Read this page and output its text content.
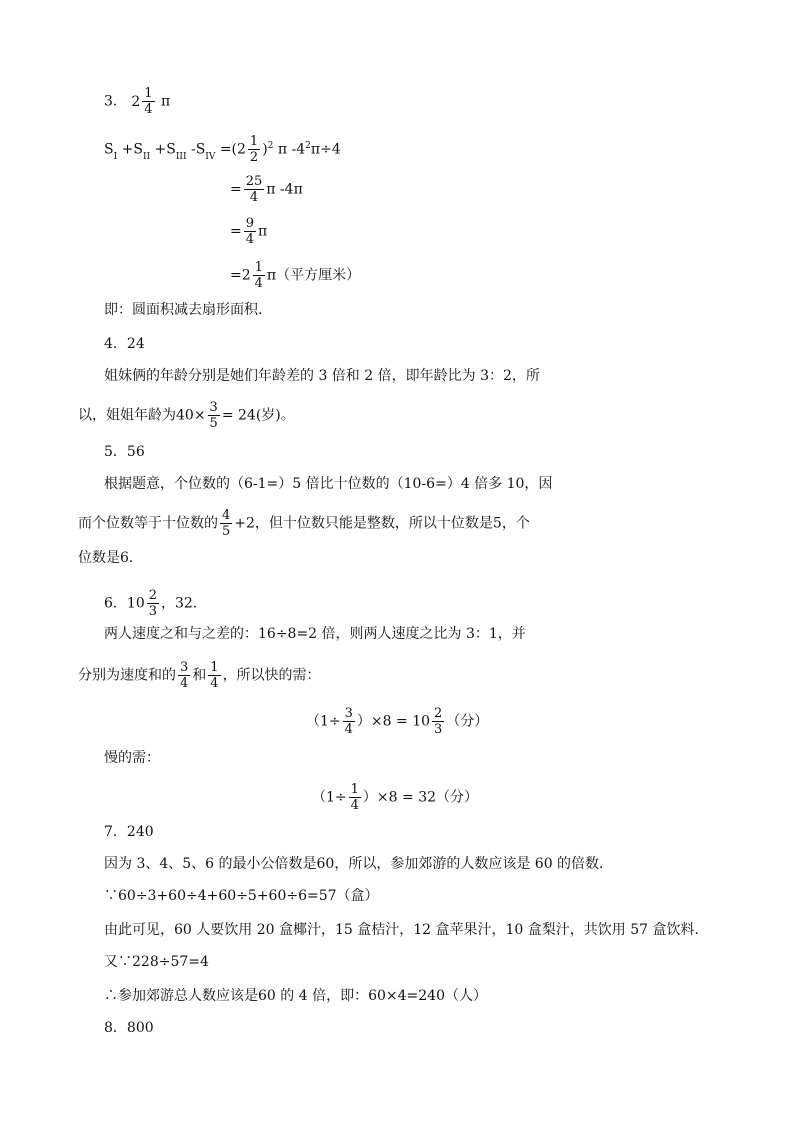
3． $2 \frac{1}{4}$ π
$S_I +S_{II} +S_{III}$ $-S_{IV} =(2 \frac{1}{2} )^2$ π $-4^2\pi\div 4$
= $\frac{25}{4}$ π -4π
= $\frac{9}{4}$ π
$=2 \frac{1}{4} \pi$（平方厘米）
即：圆面积减去扇形面积.
4．24
姐妹俩的年龄分别是她们年龄差的 3 倍和 2 倍，即年龄比为 3：2，所
以，姐姐年龄为$40\times \frac{3}{5} = 24$(岁)。
5．56
根据题意，个位数的（6-1=）5 倍比十位数的（10-6=）4 倍多 10，因
而个位数等于十位数的 $\frac{4}{5} +2$，但十位数只能是整数，所以十位数是5，个
位数是6．
6．$10 \frac{2}{3}$ ，32．
两人速度之和与之差的：16÷8=2 倍，则两人速度之比为 3：1，并
分别为速度和的 $\frac{3}{4}$ 和 $\frac{1}{4}$ ，所以快的需：
$(1\div \frac{3}{4} )\times 8 = 10 \frac{2}{3}$ （分）
慢的需：
$(1\div \frac{1}{4} )\times 8 = 32$（分）
7．240
因为 3、4、5、6 的最小公倍数是60，所以，参加郊游的人数应该是 60 的倍数．
∵60÷3+60÷4+60÷5+60÷6=57（盒）
由此可见，60 人要饮用 20 盒椰汁，15 盒桔汁，12 盒苹果汁，10 盒梨汁，共饮用 57 盒饮料．
又∵228÷57=4
∴参加郊游总人数应该是60 的 4 倍，即：60×4=240（人）
8．800
